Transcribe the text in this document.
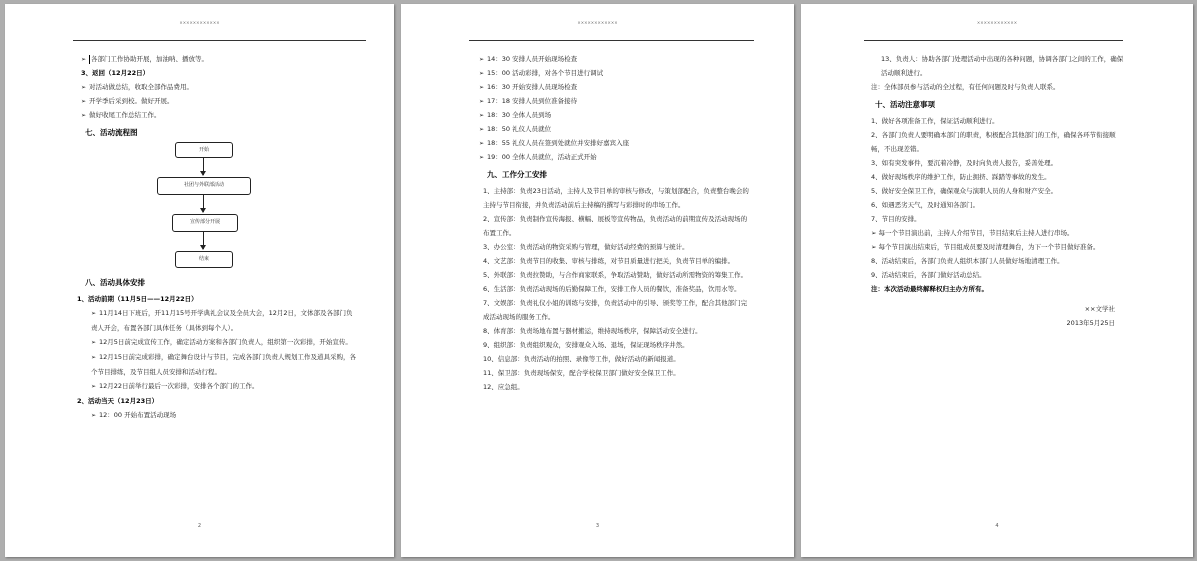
××××××××××××
➢ 各部门工作协助开展，加油呐、播放等。
3、返回（12月22日）
➢ 对活动做总结，收取全部作品费用。
➢ 开学季后采到校。做好开展。
➢ 做好收尾工作总结工作。
七、活动流程图
开始
社团与外联部活动
宣传部分开展
结束
八、活动具体安排
1、活动前期（11月5日——12月22日）
➢ 11月14日下班后，开11月15号开学典礼会议及全员大会，12月2日，文体部及各部门负责人开会，布置各部门具体任务（具体到每个人）。
➢ 12月5日前完成宣传工作，确定活动方案和各部门负责人，组织第一次彩排，开始宣传。
➢ 12月15日前完成彩排，确定舞台设计与节目，完成各部门负责人规划工作及道具采购，各个节目排练，及节目组人员安排和活动行程。
➢ 12月22日前举行最后一次彩排，安排各个部门的工作。
2、活动当天（12月23日）
➢ 12：00 开始布置活动现场
2
××××××××××××
➢ 14：30 安排人员开始现场检查
➢ 15：00 活动彩排，对各个节目进行调试
➢ 16：30 开始安排人员现场检查
➢ 17：18 安排人员到位准备接待
➢ 18：30 全体人员到场
➢ 18：50 礼仪人员就位
➢ 18：55 礼仪人员在签到处就位并安排好嘉宾入座
➢ 19：00 全体人员就位，活动正式开始
九、工作分工安排
1、主持部：负责23日活动，主持人及节目单的审核与修改，与策划部配合，负责整台晚会的主持与节目衔接，并负责活动前后主持稿的撰写与彩排时的串场工作。
2、宣传部：负责制作宣传海报、横幅、展板等宣传物品，负责活动的前期宣传及活动现场的布置工作。
3、办公室：负责活动的物资采购与管理，做好活动经费的预算与统计。
4、文艺部：负责节目的收集、审核与排练，对节目质量进行把关，负责节目单的编排。
5、外联部：负责拉赞助，与合作商家联系，争取活动赞助，做好活动所需物资的筹集工作。
6、生活部：负责活动现场的后勤保障工作，安排工作人员的餐饮，准备奖品，饮用水等。
7、文娱部：负责礼仪小姐的训练与安排，负责活动中的引导、颁奖等工作，配合其他部门完成活动现场的服务工作。
8、体育部：负责场地布置与器材搬运，维持现场秩序，保障活动安全进行。
9、组织部：负责组织观众，安排观众入场、退场，保证现场秩序井然。
10、信息部：负责活动的拍照、录像等工作，做好活动的新闻报道。
11、保卫部：负责现场保安，配合学校保卫部门做好安全保卫工作。
12、应急组。
3
××××××××××××
13、负责人：协助各部门处理活动中出现的各种问题，协调各部门之间的工作，确保活动顺利进行。
注：全体部员参与活动的全过程，有任何问题及时与负责人联系。
十、活动注意事项
1、做好各项准备工作，保证活动顺利进行。
2、各部门负责人要明确本部门的职责，积极配合其他部门的工作，确保各环节衔接顺畅，不出现差错。
3、如有突发事件，要沉着冷静，及时向负责人报告，妥善处理。
4、做好现场秩序的维护工作，防止拥挤、踩踏等事故的发生。
5、做好安全保卫工作，确保观众与演职人员的人身和财产安全。
6、如遇恶劣天气，及时通知各部门。
7、节目的安排。
➢ 每一个节目演出前，主持人介绍节目，节目结束后主持人进行串场。
➢ 每个节目演出结束后，节目组成员要及时清理舞台，为下一个节目做好准备。
8、活动结束后，各部门负责人组织本部门人员做好场地清理工作。
9、活动结束后，各部门做好活动总结。
注：本次活动最终解释权归主办方所有。
××文学社
2013年5月25日
4
